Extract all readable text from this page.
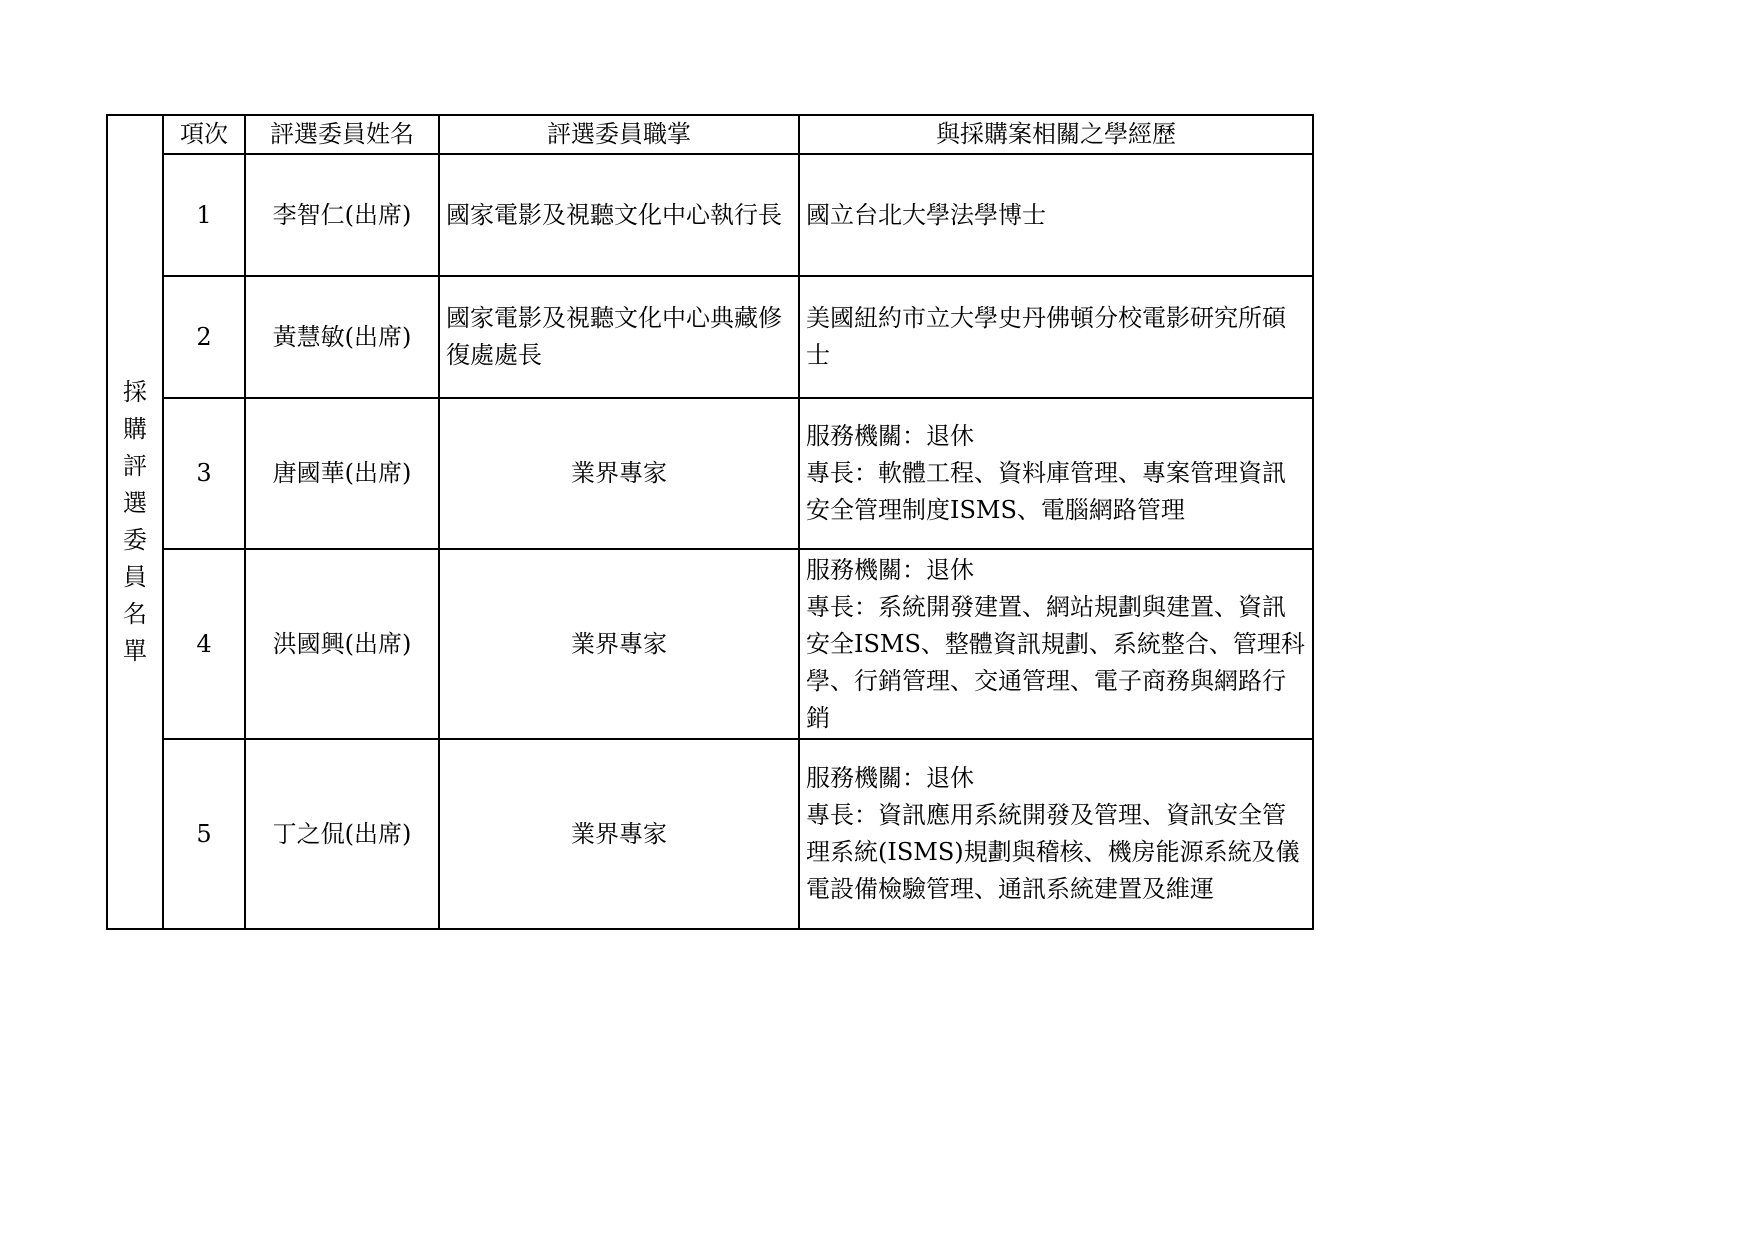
採購評選委員名單	項次	評選委員姓名	評選委員職掌	與採購案相關之學經歷
	1	李智仁(出席)	國家電影及視聽文化中心執行長	國立台北大學法學博士

	2	黃慧敏(出席)	國家電影及視聽文化中心典藏修復處處長	美國紐約市立大學史丹佛頓分校電影研究所碩士

	3	唐國華(出席)	業界專家	服務機關：退休
專長：軟體工程、資料庫管理、專案管理資訊安全管理制度ISMS、電腦網路管理

	4	洪國興(出席)	業界專家	服務機關：退休
專長：系統開發建置、網站規劃與建置、資訊安全ISMS、整體資訊規劃、系統整合、管理科學、行銷管理、交通管理、電子商務與網路行銷

	5	丁之侃(出席)	業界專家	服務機關：退休
專長：資訊應用系統開發及管理、資訊安全管理系統(ISMS)規劃與稽核、機房能源系統及儀電設備檢驗管理、通訊系統建置及維運
